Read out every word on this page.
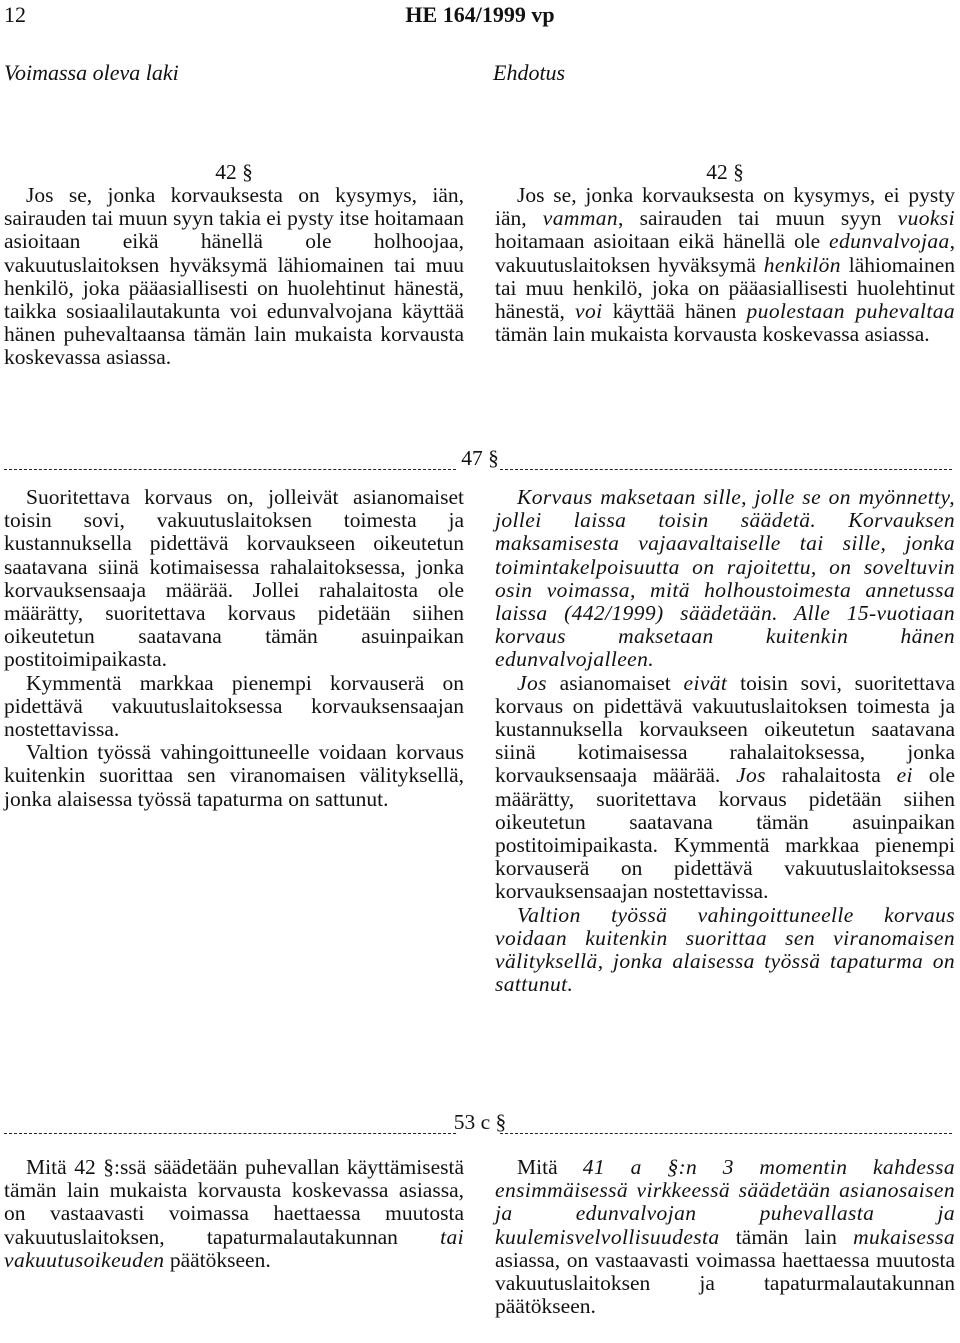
12	HE 164/1999 vp
Voimassa oleva laki	Ehdotus
42 §	42 §

Jos se, jonka korvauksesta on kysymys, iän, sairauden tai muun syyn takia ei pysty itse hoitamaan asioitaan eikä hänellä ole holhoojaa, vakuutuslaitoksen hyväksymä lähiomainen tai muu henkilö, joka pääasiallisesti on huolehtinut hänestä, taikka sosiaalilautakunta voi edunvalvojana käyttää hänen puhevaltaansa tämän lain mukaista korvausta koskevassa asiassa.

Jos se, jonka korvauksesta on kysymys, ei pysty iän, vamman, sairauden tai muun syyn vuoksi hoitamaan asioitaan eikä hänellä ole edunvalvojaa, vakuutuslaitoksen hyväksymä henkilön lähiomainen tai muu henkilö, joka on pääasiallisesti huolehtinut hänestä, voi käyttää hänen puolestaan puhevaltaa tämän lain mukaista korvausta koskevassa asiassa.

47 §

Suoritettava korvaus on, jolleivät asianomaiset toisin sovi, vakuutuslaitoksen toimesta ja kustannuksella pidettävä korvaukseen oikeutetun saatavana siinä kotimaisessa rahalaitoksessa, jonka korvauksensaaja määrää. Jollei rahalaitosta ole määrätty, suoritettava korvaus pidetään siihen oikeutetun saatavana tämän asuinpaikan postitoimipaikasta.

Kymmentä markkaa pienempi korvauserä on pidettävä vakuutuslaitoksessa korvauksensaajan nostettavissa.

Valtion työssä vahingoittuneelle voidaan korvaus kuitenkin suorittaa sen viranomaisen välityksellä, jonka alaisessa työssä tapaturma on sattunut.

Korvaus maksetaan sille, jolle se on myönnetty, jollei laissa toisin säädetä. Korvauksen maksamisesta vajaavaltaiselle tai sille, jonka toimintakelpoisuutta on rajoitettu, on soveltuvin osin voimassa, mitä holhoustoimesta annetussa laissa (442/1999) säädetään. Alle 15-vuotiaan korvaus maksetaan kuitenkin hänen edunvalvojalleen.

Jos asianomaiset eivät toisin sovi, suoritettava korvaus on pidettävä vakuutuslaitoksen toimesta ja kustannuksella korvaukseen oikeutetun saatavana siinä kotimaisessa rahalaitoksessa, jonka korvauksensaaja määrää. Jos rahalaitosta ei ole määrätty, suoritettava korvaus pidetään siihen oikeutetun saatavana tämän asuinpaikan postitoimipaikasta. Kymmentä markkaa pienempi korvauserä on pidettävä vakuutuslaitoksessa korvauksensaajan nostettavissa.

Valtion työssä vahingoittuneelle korvaus voidaan kuitenkin suorittaa sen viranomaisen välityksellä, jonka alaisessa työssä tapaturma on sattunut.

53 c §

Mitä 42 §:ssä säädetään puhevallan käyttämisestä tämän lain mukaista korvausta koskevassa asiassa, on vastaavasti voimassa haettaessa muutosta vakuutuslaitoksen, tapaturmalautakunnan tai vakuutusoikeuden päätökseen.

Mitä 41 a §:n 3 momentin kahdessa ensimmäisessä virkkeessä säädetään asianosaisen ja edunvalvojan puhevallasta ja kuulemisvelvollisuudesta tämän lain mukaisessa asiassa, on vastaavasti voimassa haettaessa muutosta vakuutuslaitoksen ja tapaturmalautakunnan päätökseen.
